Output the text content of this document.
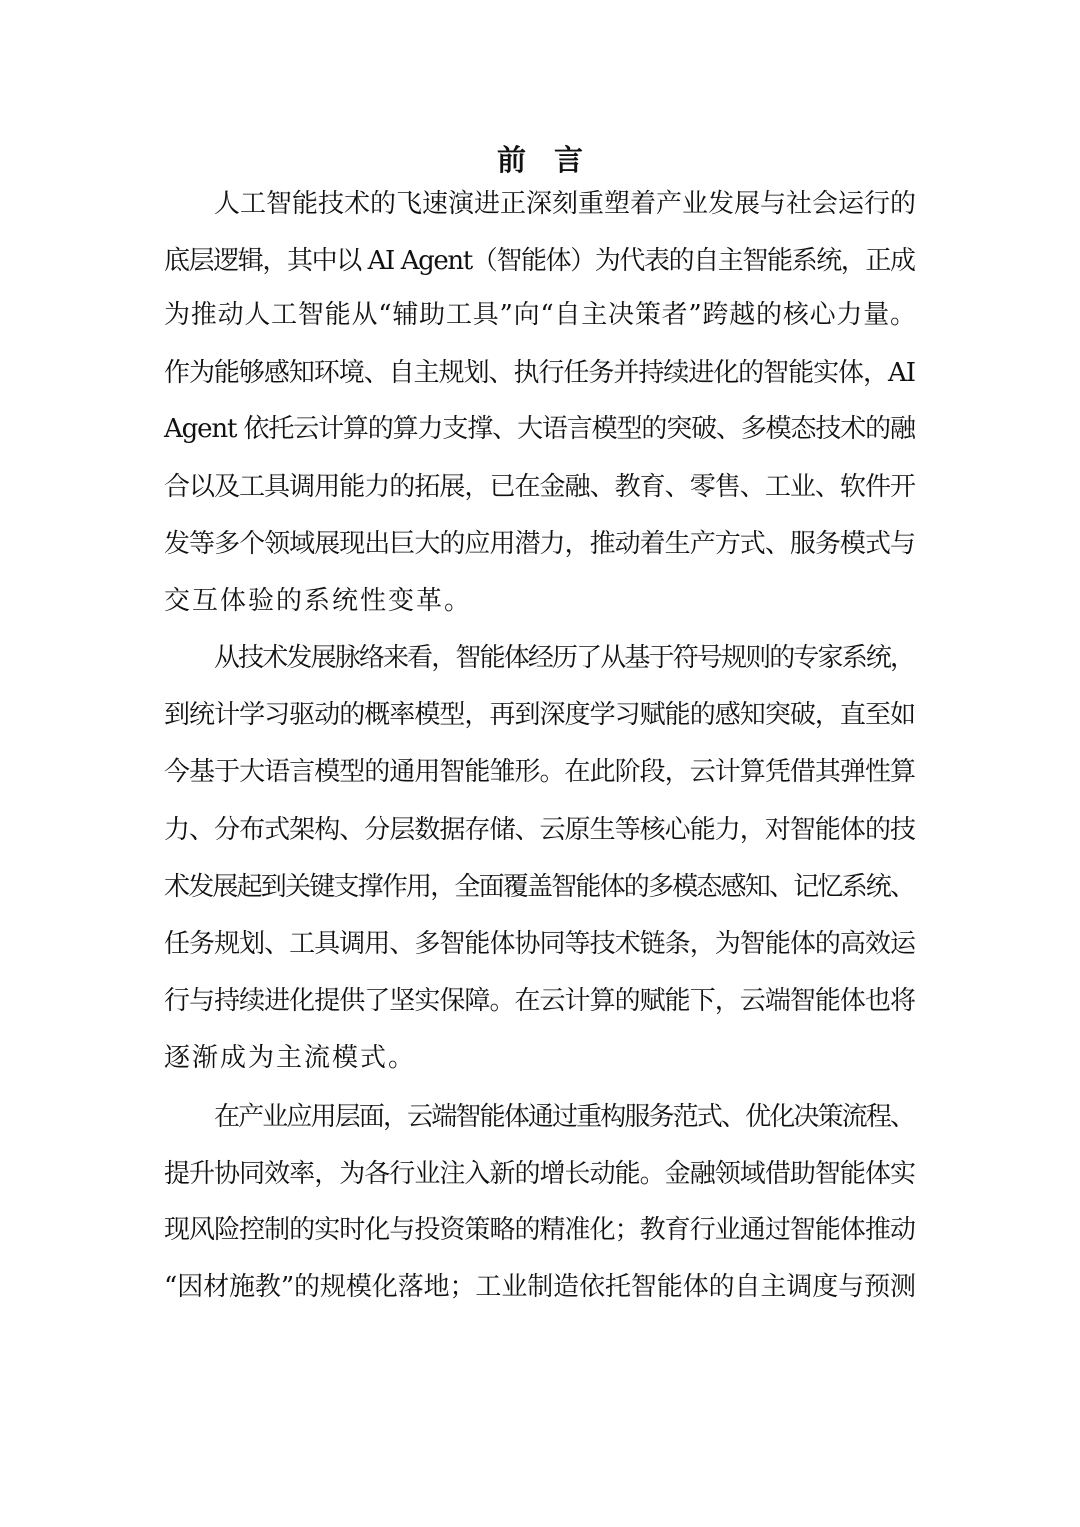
前言
人工智能技术的飞速演进正深刻重塑着产业发展与社会运行的
底层逻辑，其中以 AI Agent（智能体）为代表的自主智能系统，正成
为推动人工智能从“辅助工具”向“自主决策者”跨越的核心力量。
作为能够感知环境、自主规划、执行任务并持续进化的智能实体，AI
Agent 依托云计算的算力支撑、大语言模型的突破、多模态技术的融
合以及工具调用能力的拓展，已在金融、教育、零售、工业、软件开
发等多个领域展现出巨大的应用潜力，推动着生产方式、服务模式与
交互体验的系统性变革。
从技术发展脉络来看，智能体经历了从基于符号规则的专家系统，
到统计学习驱动的概率模型，再到深度学习赋能的感知突破，直至如
今基于大语言模型的通用智能雏形。在此阶段，云计算凭借其弹性算
力、分布式架构、分层数据存储、云原生等核心能力，对智能体的技
术发展起到关键支撑作用，全面覆盖智能体的多模态感知、记忆系统、
任务规划、工具调用、多智能体协同等技术链条，为智能体的高效运
行与持续进化提供了坚实保障。在云计算的赋能下，云端智能体也将
逐渐成为主流模式。
在产业应用层面，云端智能体通过重构服务范式、优化决策流程、
提升协同效率，为各行业注入新的增长动能。金融领域借助智能体实
现风险控制的实时化与投资策略的精准化；教育行业通过智能体推动
“因材施教”的规模化落地；工业制造依托智能体的自主调度与预测
